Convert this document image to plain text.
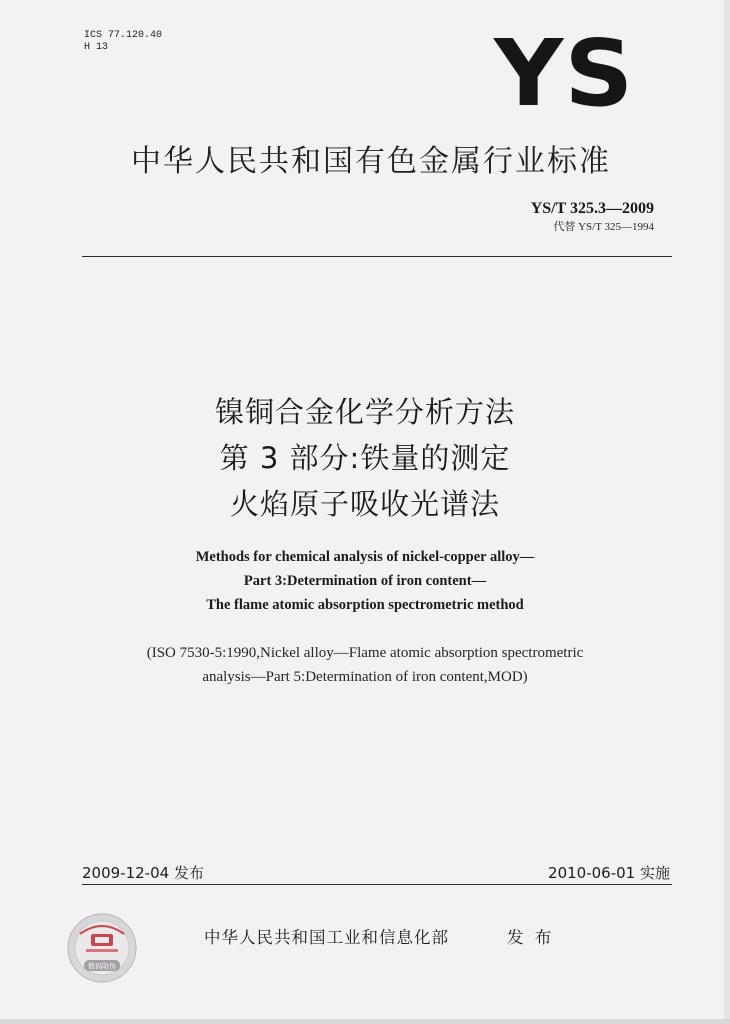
ICS 77.120.40
H 13	YS
中华人民共和国有色金属行业标准
YS/T 325.3—2009
代替 YS/T 325—1994
镍铜合金化学分析方法
第 3 部分:铁量的测定
火焰原子吸收光谱法
Methods for chemical analysis of nickel-copper alloy—
Part 3:Determination of iron content—
The flame atomic absorption spectrometric method
(ISO 7530-5:1990,Nickel alloy—Flame atomic absorption spectrometric
analysis—Part 5:Determination of iron content,MOD)
2009-12-04 发布	2010-06-01 实施
数码防伪
中华人民共和国工业和信息化部	发 布
